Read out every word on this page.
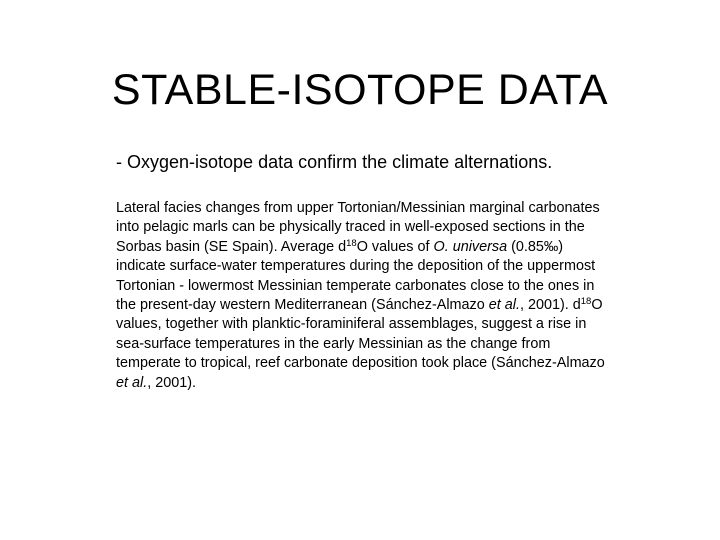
STABLE-ISOTOPE DATA

- Oxygen-isotope data confirm the climate alternations.

Lateral facies changes from upper Tortonian/Messinian marginal carbonates into pelagic marls can be physically traced in well-exposed sections in the Sorbas basin (SE Spain). Average $d^{18}O$ values of O. universa (0.85‰) indicate surface-water temperatures during the deposition of the uppermost Tortonian - lowermost Messinian temperate carbonates close to the ones in the present-day western Mediterranean (Sánchez-Almazo et al., 2001). $d^{18}O$ values, together with planktic-foraminiferal assemblages, suggest a rise in sea-surface temperatures in the early Messinian as the change from temperate to tropical, reef carbonate deposition took place (Sánchez-Almazo et al., 2001).
